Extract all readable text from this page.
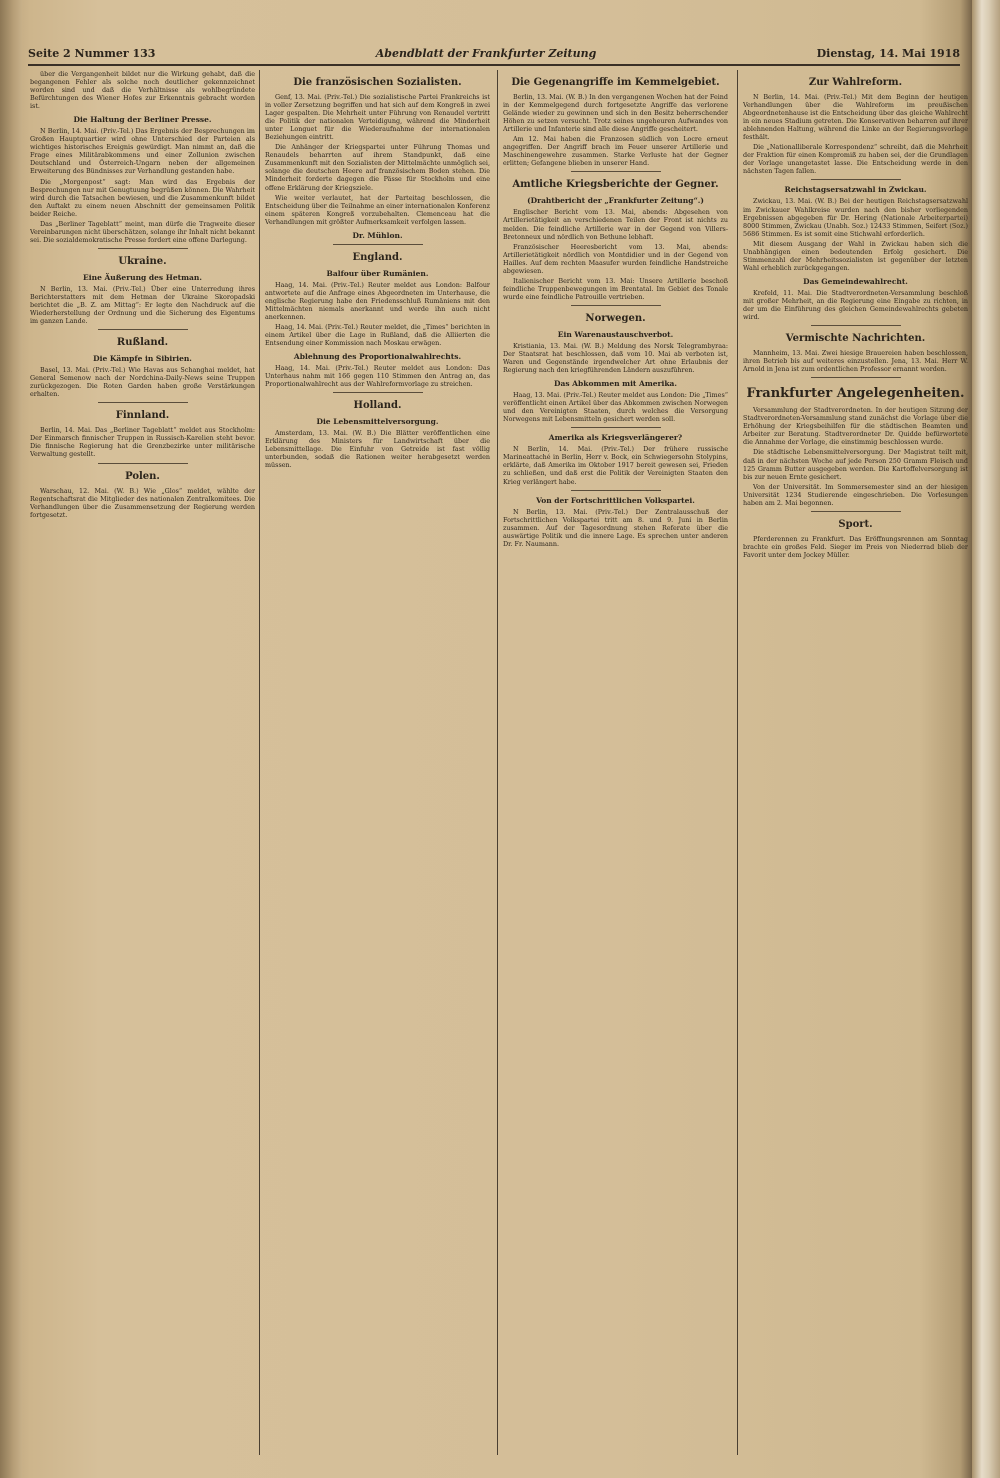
Seite 2 Nummer 133	Abendblatt der Frankfurter Zeitung	Dienstag, 14. Mai 1918

über die Vergangenheit bildet nur die Wirkung gehabt, daß die begangenen Fehler als solche noch deutlicher gekennzeichnet worden sind und daß die Verhältnisse als wohlbegründete Befürchtungen des Wiener Hofes zur Erkenntnis gebracht worden ist.

Die Haltung der Berliner Presse.

N Berlin, 14. Mai. (Priv.-Tel.) Das Ergebnis der Besprechungen im Großen Hauptquartier wird ohne Unterschied der Parteien als wichtiges historisches Ereignis gewürdigt. Man nimmt an, daß die Frage eines Militärabkommens und einer Zollunion zwischen Deutschland und Österreich-Ungarn neben der allgemeinen Erweiterung des Bündnisses zur Verhandlung gestanden habe.

Die „Morgenpost“ sagt: Man wird das Ergebnis der Besprechungen nur mit Genugtuung begrüßen können. Die Wahrheit wird durch die Tatsachen bewiesen, und die Zusammenkunft bildet den Auftakt zu einem neuen Abschnitt der gemeinsamen Politik beider Reiche.

Das „Berliner Tageblatt“ meint, man dürfe die Tragweite dieser Vereinbarungen nicht überschätzen, solange ihr Inhalt nicht bekannt sei. Die sozialdemokratische Presse fordert eine offene Darlegung.

Ukraine.
Eine Äußerung des Hetman.

N Berlin, 13. Mai. (Priv.-Tel.) Über eine Unterredung ihres Berichterstatters mit dem Hetman der Ukraine Skoropadski berichtet die „B. Z. am Mittag“: Er legte den Nachdruck auf die Wiederherstellung der Ordnung und die Sicherung des Eigentums im ganzen Lande.

Rußland.
Die Kämpfe in Sibirien.

Basel, 13. Mai. (Priv.-Tel.) Wie Havas aus Schanghai meldet, hat General Semenow nach der Nordchina-Daily-News seine Truppen zurückgezogen. Die Roten Garden haben große Verstärkungen erhalten.

Finnland.

Berlin, 14. Mai. Das „Berliner Tageblatt“ meldet aus Stockholm: Der Einmarsch finnischer Truppen in Russisch-Karelien steht bevor. Die finnische Regierung hat die Grenzbezirke unter militärische Verwaltung gestellt.

Polen.

Warschau, 12. Mai. (W. B.) Wie „Glos“ meldet, wählte der Regentschaftsrat die Mitglieder des nationalen Zentralkomitees. Die Verhandlungen über die Zusammensetzung der Regierung werden fortgesetzt.

Die französischen Sozialisten.

Genf, 13. Mai. (Priv.-Tel.) Die sozialistische Partei Frankreichs ist in voller Zersetzung begriffen und hat sich auf dem Kongreß in zwei Lager gespalten. Die Mehrheit unter Führung von Renaudel vertritt die Politik der nationalen Verteidigung, während die Minderheit unter Longuet für die Wiederaufnahme der internationalen Beziehungen eintritt.

Die Anhänger der Kriegspartei unter Führung Thomas und Renaudels beharrten auf ihrem Standpunkt, daß eine Zusammenkunft mit den Sozialisten der Mittelmächte unmöglich sei, solange die deutschen Heere auf französischem Boden stehen. Die Minderheit forderte dagegen die Pässe für Stockholm und eine offene Erklärung der Kriegsziele.

Wie weiter verlautet, hat der Parteitag beschlossen, die Entscheidung über die Teilnahme an einer internationalen Konferenz einem späteren Kongreß vorzubehalten. Clemenceau hat die Verhandlungen mit größter Aufmerksamkeit verfolgen lassen.

Dr. Mühlon.
England.
Balfour über Rumänien.

Haag, 14. Mai. (Priv.-Tel.) Reuter meldet aus London: Balfour antwortete auf die Anfrage eines Abgeordneten im Unterhause, die englische Regierung habe den Friedensschluß Rumäniens mit den Mittelmächten niemals anerkannt und werde ihn auch nicht anerkennen.

Haag, 14. Mai. (Priv.-Tel.) Reuter meldet, die „Times“ berichten in einem Artikel über die Lage in Rußland, daß die Alliierten die Entsendung einer Kommission nach Moskau erwägen.

Ablehnung des Proportionalwahlrechts.

Haag, 14. Mai. (Priv.-Tel.) Reuter meldet aus London: Das Unterhaus nahm mit 166 gegen 110 Stimmen den Antrag an, das Proportionalwahlrecht aus der Wahlreformvorlage zu streichen.

Holland.
Die Lebensmittelversorgung.

Amsterdam, 13. Mai. (W. B.) Die Blätter veröffentlichen eine Erklärung des Ministers für Landwirtschaft über die Lebensmittellage. Die Einfuhr von Getreide ist fast völlig unterbunden, sodaß die Rationen weiter herabgesetzt werden müssen.

Die Gegenangriffe im Kemmelgebiet.

Berlin, 13. Mai. (W. B.) In den vergangenen Wochen hat der Feind in der Kemmelgegend durch fortgesetzte Angriffe das verlorene Gelände wieder zu gewinnen und sich in den Besitz beherrschender Höhen zu setzen versucht. Trotz seines ungeheuren Aufwandes von Artillerie und Infanterie sind alle diese Angriffe gescheitert.

Am 12. Mai haben die Franzosen südlich von Locre erneut angegriffen. Der Angriff brach im Feuer unserer Artillerie und Maschinengewehre zusammen. Starke Verluste hat der Gegner erlitten; Gefangene blieben in unserer Hand.

Amtliche Kriegsberichte der Gegner.
(Drahtbericht der „Frankfurter Zeitung“.)

Englischer Bericht vom 13. Mai, abends: Abgesehen von Artillerietätigkeit an verschiedenen Teilen der Front ist nichts zu melden. Die feindliche Artillerie war in der Gegend von Villers-Bretonneux und nördlich von Bethune lebhaft.

Französischer Heeresbericht vom 13. Mai, abends: Artillerietätigkeit nördlich von Montdidier und in der Gegend von Hailles. Auf dem rechten Maasufer wurden feindliche Handstreiche abgewiesen.

Italienischer Bericht vom 13. Mai: Unsere Artillerie beschoß feindliche Truppenbewegungen im Brentatal. Im Gebiet des Tonale wurde eine feindliche Patrouille vertrieben.

Norwegen.
Ein Warenaustauschverbot.

Kristiania, 13. Mai. (W. B.) Meldung des Norsk Telegrambyraa: Der Staatsrat hat beschlossen, daß vom 10. Mai ab verboten ist, Waren und Gegenstände irgendwelcher Art ohne Erlaubnis der Regierung nach den kriegführenden Ländern auszuführen.

Das Abkommen mit Amerika.

Haag, 13. Mai. (Priv.-Tel.) Reuter meldet aus London: Die „Times“ veröffentlicht einen Artikel über das Abkommen zwischen Norwegen und den Vereinigten Staaten, durch welches die Versorgung Norwegens mit Lebensmitteln gesichert werden soll.

Amerika als Kriegsverlängerer?

N Berlin, 14. Mai. (Priv.-Tel.) Der frühere russische Marineattaché in Berlin, Herr v. Bock, ein Schwiegersohn Stolypins, erklärte, daß Amerika im Oktober 1917 bereit gewesen sei, Frieden zu schließen, und daß erst die Politik der Vereinigten Staaten den Krieg verlängert habe.

Von der Fortschrittlichen Volkspartei.

N Berlin, 13. Mai. (Priv.-Tel.) Der Zentralausschuß der Fortschrittlichen Volkspartei tritt am 8. und 9. Juni in Berlin zusammen. Auf der Tagesordnung stehen Referate über die auswärtige Politik und die innere Lage. Es sprechen unter anderen Dr. Fr. Naumann.

Zur Wahlreform.

N Berlin, 14. Mai. (Priv.-Tel.) Mit dem Beginn der heutigen Verhandlungen über die Wahlreform im preußischen Abgeordnetenhause ist die Entscheidung über das gleiche Wahlrecht in ein neues Stadium getreten. Die Konservativen beharren auf ihrer ablehnenden Haltung, während die Linke an der Regierungsvorlage festhält.

Die „Nationalliberale Korrespondenz“ schreibt, daß die Mehrheit der Fraktion für einen Kompromiß zu haben sei, der die Grundlagen der Vorlage unangetastet lasse. Die Entscheidung werde in den nächsten Tagen fallen.

Reichstagsersatzwahl in Zwickau.

Zwickau, 13. Mai. (W. B.) Bei der heutigen Reichstagsersatzwahl im Zwickauer Wahlkreise wurden nach den bisher vorliegenden Ergebnissen abgegeben für Dr. Hering (Nationale Arbeiterpartei) 8000 Stimmen, Zwickau (Unabh. Soz.) 12433 Stimmen, Seifert (Soz.) 5686 Stimmen. Es ist somit eine Stichwahl erforderlich.

Mit diesem Ausgang der Wahl in Zwickau haben sich die Unabhängigen einen bedeutenden Erfolg gesichert. Die Stimmenzahl der Mehrheitssozialisten ist gegenüber der letzten Wahl erheblich zurückgegangen.

Das Gemeindewahlrecht.

Krefeld, 11. Mai. Die Stadtverordneten-Versammlung beschloß mit großer Mehrheit, an die Regierung eine Eingabe zu richten, in der um die Einführung des gleichen Gemeindewahlrechts gebeten wird.

Vermischte Nachrichten.

Mannheim, 13. Mai. Zwei hiesige Brauereien haben beschlossen, ihren Betrieb bis auf weiteres einzustellen. Jena, 13. Mai. Herr W. Arnold in Jena ist zum ordentlichen Professor ernannt worden.

Frankfurter Angelegenheiten.

Versammlung der Stadtverordneten. In der heutigen Sitzung der Stadtverordneten-Versammlung stand zunächst die Vorlage über die Erhöhung der Kriegsbeihilfen für die städtischen Beamten und Arbeiter zur Beratung. Stadtverordneter Dr. Quidde befürwortete die Annahme der Vorlage, die einstimmig beschlossen wurde.

Die städtische Lebensmittelversorgung. Der Magistrat teilt mit, daß in der nächsten Woche auf jede Person 250 Gramm Fleisch und 125 Gramm Butter ausgegeben werden. Die Kartoffelversorgung ist bis zur neuen Ernte gesichert.

Von der Universität. Im Sommersemester sind an der hiesigen Universität 1234 Studierende eingeschrieben. Die Vorlesungen haben am 2. Mai begonnen.

Sport.

Pferderennen zu Frankfurt. Das Eröffnungsrennen am Sonntag brachte ein großes Feld. Sieger im Preis von Niederrad blieb der Favorit unter dem Jockey Müller.
